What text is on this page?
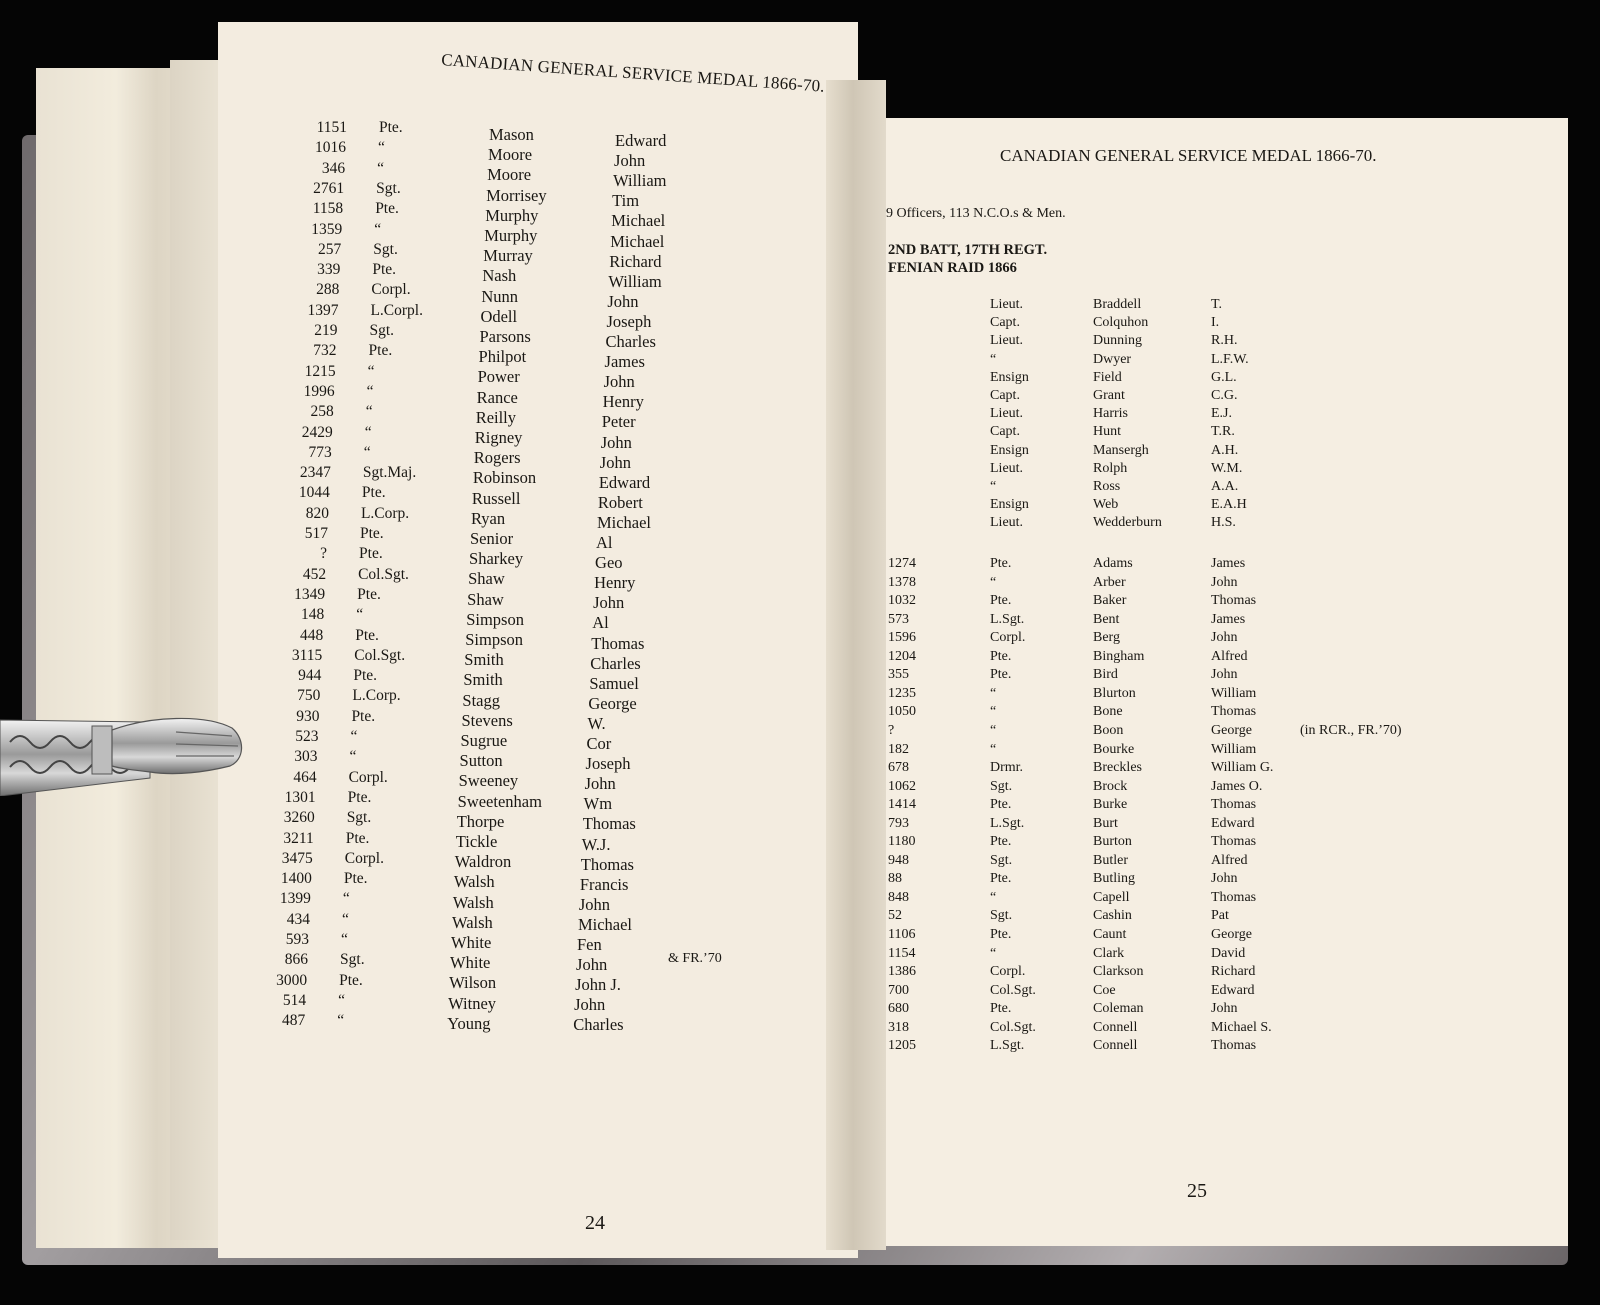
CANADIAN GENERAL SERVICE MEDAL 1866-70.
1151 Pte.	Mason	Edward
1016 “	Moore	John
346 “	Moore	William
2761 Sgt.	Morrisey	Tim
1158 Pte.	Murphy	Michael
1359 “	Murphy	Michael
257 Sgt.	Murray	Richard
339 Pte.	Nash	William
288 Corpl.	Nunn	John
1397 L.Corpl.	Odell	Joseph
219 Sgt.	Parsons	Charles
732 Pte.	Philpot	James
1215 “	Power	John
1996 “	Rance	Henry
258 “	Reilly	Peter
2429 “	Rigney	John
773 “	Rogers	John
2347 Sgt.Maj.	Robinson	Edward
1044 Pte.	Russell	Robert
820 L.Corp.	Ryan	Michael
517 Pte.	Senior	Al
? Pte.	Sharkey	Geo
452 Col.Sgt.	Shaw	Henry
1349 Pte.	Shaw	John
148 “	Simpson	Al
448 Pte.	Simpson	Thomas
3115 Col.Sgt.	Smith	Charles
944 Pte.	Smith	Samuel
750 L.Corp.	Stagg	George
930 Pte.	Stevens	W.
523 “	Sugrue	Cor
303 “	Sutton	Joseph
464 Corpl.	Sweeney	John
1301 Pte.	Sweetenham	Wm
3260 Sgt.	Thorpe	Thomas
3211 Pte.	Tickle	W.J.
3475 Corpl.	Waldron	Thomas
1400 Pte.	Walsh	Francis
1399 “	Walsh	John
434 “	Walsh	Michael
593 “	White	Fen
866 Sgt.	White	John	& FR.’70
3000 Pte.	Wilson	John J.
514 “	Witney	John
487 “	Young	Charles
24
CANADIAN GENERAL SERVICE MEDAL 1866-70.
9 Officers, 113 N.C.O.s & Men.
2ND BATT, 17TH REGT.
FENIAN RAID 1866
Lieut.	Braddell	T.
Capt.	Colquhon	I.
Lieut.	Dunning	R.H.
“	Dwyer	L.F.W.
Ensign	Field	G.L.
Capt.	Grant	C.G.
Lieut.	Harris	E.J.
Capt.	Hunt	T.R.
Ensign	Mansergh	A.H.
Lieut.	Rolph	W.M.
“	Ross	A.A.
Ensign	Web	E.A.H
Lieut.	Wedderburn	H.S.
1274	Pte.	Adams	James
1378	“	Arber	John
1032	Pte.	Baker	Thomas
573	L.Sgt.	Bent	James
1596	Corpl.	Berg	John
1204	Pte.	Bingham	Alfred
355	Pte.	Bird	John
1235	“	Blurton	William
1050	“	Bone	Thomas
?	“	Boon	George	(in RCR., FR.’70)
182	“	Bourke	William
678	Drmr.	Breckles	William G.
1062	Sgt.	Brock	James O.
1414	Pte.	Burke	Thomas
793	L.Sgt.	Burt	Edward
1180	Pte.	Burton	Thomas
948	Sgt.	Butler	Alfred
88	Pte.	Butling	John
848	“	Capell	Thomas
52	Sgt.	Cashin	Pat
1106	Pte.	Caunt	George
1154	“	Clark	David
1386	Corpl.	Clarkson	Richard
700	Col.Sgt.	Coe	Edward
680	Pte.	Coleman	John
318	Col.Sgt.	Connell	Michael S.
1205	L.Sgt.	Connell	Thomas
25
